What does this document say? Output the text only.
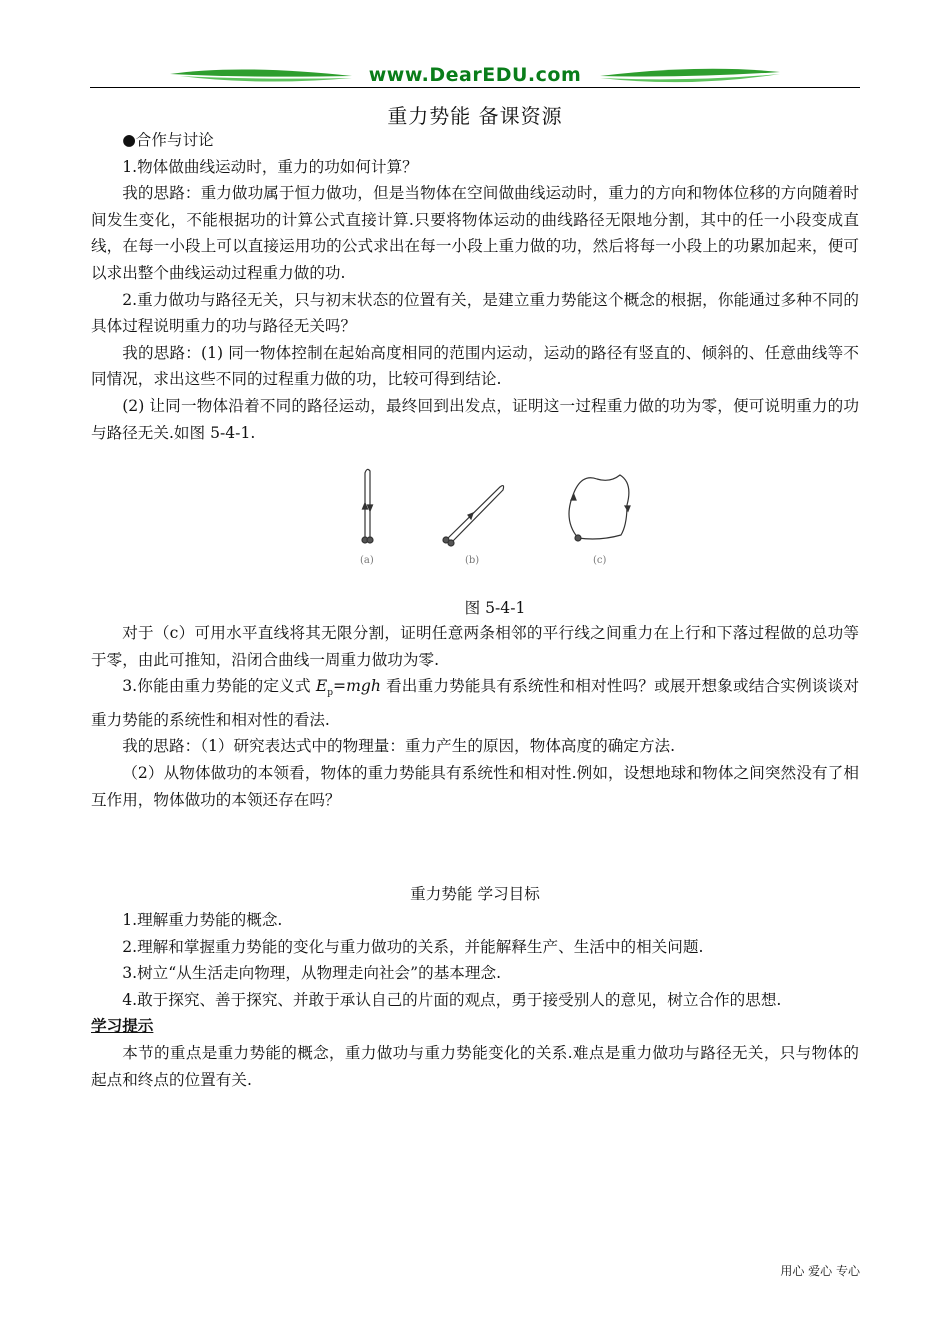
www.DearEDU.com
重力势能 备课资源

●合作与讨论

1.物体做曲线运动时，重力的功如何计算？

我的思路：重力做功属于恒力做功，但是当物体在空间做曲线运动时，重力的方向和物体位移的方向随着时间发生变化，不能根据功的计算公式直接计算.只要将物体运动的曲线路径无限地分割，其中的任一小段变成直线，在每一小段上可以直接运用功的公式求出在每一小段上重力做的功，然后将每一小段上的功累加起来，便可以求出整个曲线运动过程重力做的功.

2.重力做功与路径无关，只与初末状态的位置有关，是建立重力势能这个概念的根据，你能通过多种不同的具体过程说明重力的功与路径无关吗？

我的思路：(1) 同一物体控制在起始高度相同的范围内运动，运动的路径有竖直的、倾斜的、任意曲线等不同情况，求出这些不同的过程重力做的功，比较可得到结论.

(2) 让同一物体沿着不同的路径运动，最终回到出发点，证明这一过程重力做的功为零，便可说明重力的功与路径无关.如图 5-4-1.

(a)	(b)	(c)
图 5-4-1

对于（c）可用水平直线将其无限分割，证明任意两条相邻的平行线之间重力在上行和下落过程做的总功等于零，由此可推知，沿闭合曲线一周重力做功为零.

3.你能由重力势能的定义式 $E_p=mgh$ 看出重力势能具有系统性和相对性吗？或展开想象或结合实例谈谈对重力势能的系统性和相对性的看法.

我的思路：（1）研究表达式中的物理量：重力产生的原因，物体高度的确定方法.

（2）从物体做功的本领看，物体的重力势能具有系统性和相对性.例如，设想地球和物体之间突然没有了相互作用，物体做功的本领还存在吗？

重力势能 学习目标

1.理解重力势能的概念.

2.理解和掌握重力势能的变化与重力做功的关系，并能解释生产、生活中的相关问题.

3.树立“从生活走向物理，从物理走向社会”的基本理念.

4.敢于探究、善于探究、并敢于承认自己的片面的观点，勇于接受别人的意见，树立合作的思想.

学习提示

本节的重点是重力势能的概念，重力做功与重力势能变化的关系.难点是重力做功与路径无关，只与物体的起点和终点的位置有关.

用心 爱心 专心
